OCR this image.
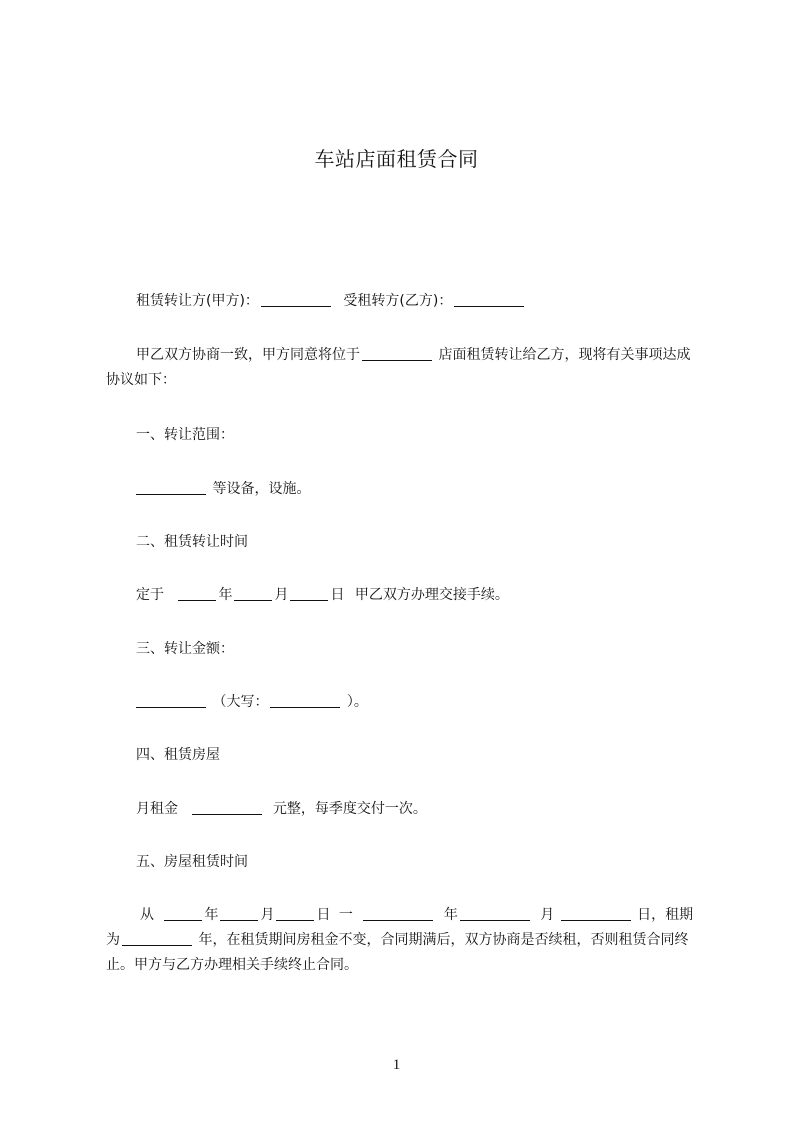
车站店面租赁合同
租赁转让方(甲方)：	受租转方(乙方)：
甲乙双方协商一致，甲方同意将位于	店面租赁转让给乙方，现将有关事项达成协议如下：
一、转让范围：
等设备，设施。
二、租赁转让时间
定于	年	月	日 甲乙双方办理交接手续。
三、转让金额：
（大写：	）。
四、租赁房屋
月租金	元整，每季度交付一次。
五、房屋租赁时间
从	年	月	日 一	年	月	日，租期为	年，在租赁期间房租金不变，合同期满后，双方协商是否续租，否则租赁合同终止。甲方与乙方办理相关手续终止合同。
1
